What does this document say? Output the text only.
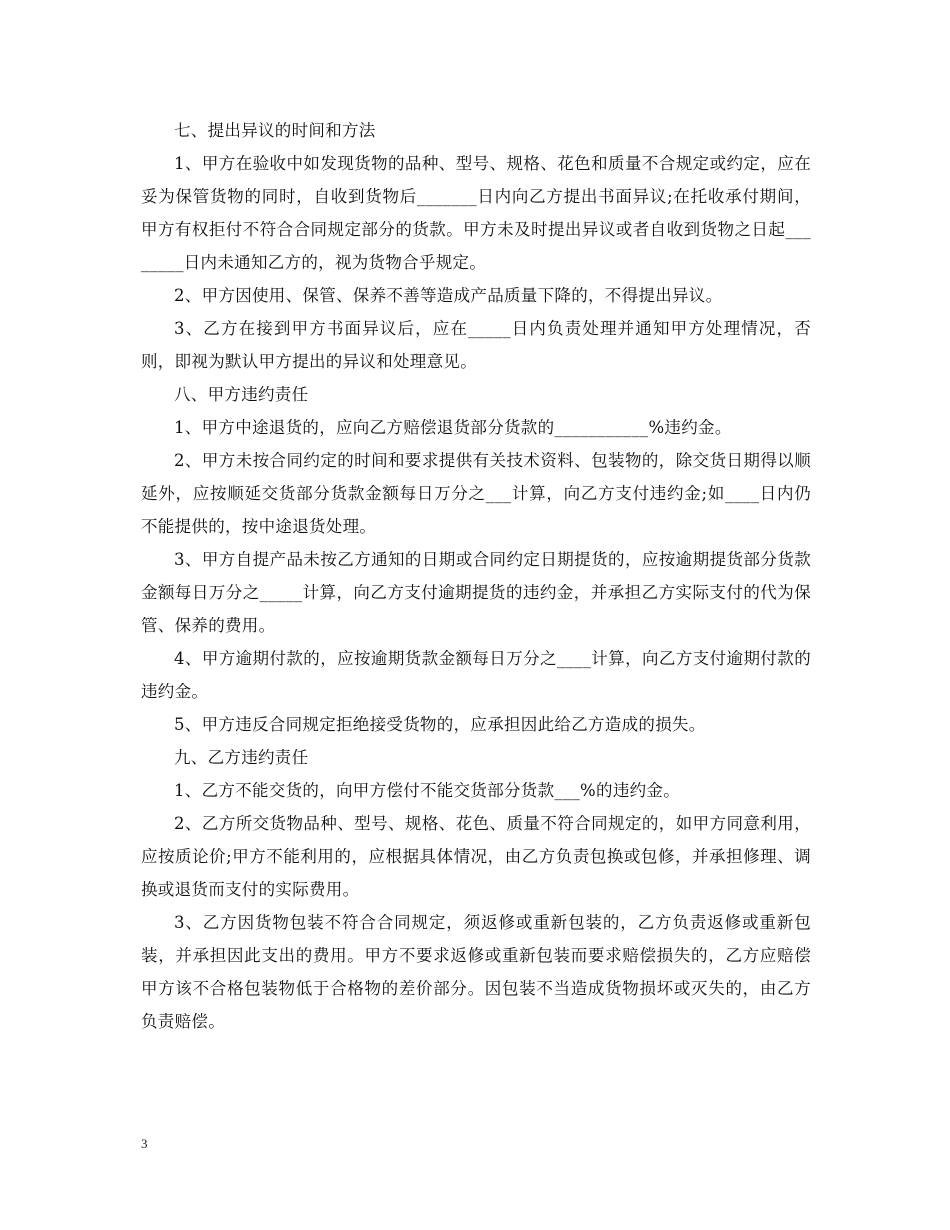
七、提出异议的时间和方法

1、甲方在验收中如发现货物的品种、型号、规格、花色和质量不合规定或约定，应在妥为保管货物的同时，自收到货物后_______日内向乙方提出书面异议;在托收承付期间，甲方有权拒付不符合合同规定部分的货款。甲方未及时提出异议或者自收到货物之日起________日内未通知乙方的，视为货物合乎规定。

2、甲方因使用、保管、保养不善等造成产品质量下降的，不得提出异议。

3、乙方在接到甲方书面异议后，应在_____日内负责处理并通知甲方处理情况，否则，即视为默认甲方提出的异议和处理意见。

八、甲方违约责任

1、甲方中途退货的，应向乙方赔偿退货部分货款的___________%违约金。

2、甲方未按合同约定的时间和要求提供有关技术资料、包装物的，除交货日期得以顺延外，应按顺延交货部分货款金额每日万分之___计算，向乙方支付违约金;如____日内仍不能提供的，按中途退货处理。

3、甲方自提产品未按乙方通知的日期或合同约定日期提货的，应按逾期提货部分货款金额每日万分之_____计算，向乙方支付逾期提货的违约金，并承担乙方实际支付的代为保管、保养的费用。

4、甲方逾期付款的，应按逾期货款金额每日万分之____计算，向乙方支付逾期付款的违约金。

5、甲方违反合同规定拒绝接受货物的，应承担因此给乙方造成的损失。

九、乙方违约责任

1、乙方不能交货的，向甲方偿付不能交货部分货款___%的违约金。

2、乙方所交货物品种、型号、规格、花色、质量不符合同规定的，如甲方同意利用，应按质论价;甲方不能利用的，应根据具体情况，由乙方负责包换或包修，并承担修理、调换或退货而支付的实际费用。

3、乙方因货物包装不符合合同规定，须返修或重新包装的，乙方负责返修或重新包装，并承担因此支出的费用。甲方不要求返修或重新包装而要求赔偿损失的，乙方应赔偿甲方该不合格包装物低于合格物的差价部分。因包装不当造成货物损坏或灭失的，由乙方负责赔偿。

3
